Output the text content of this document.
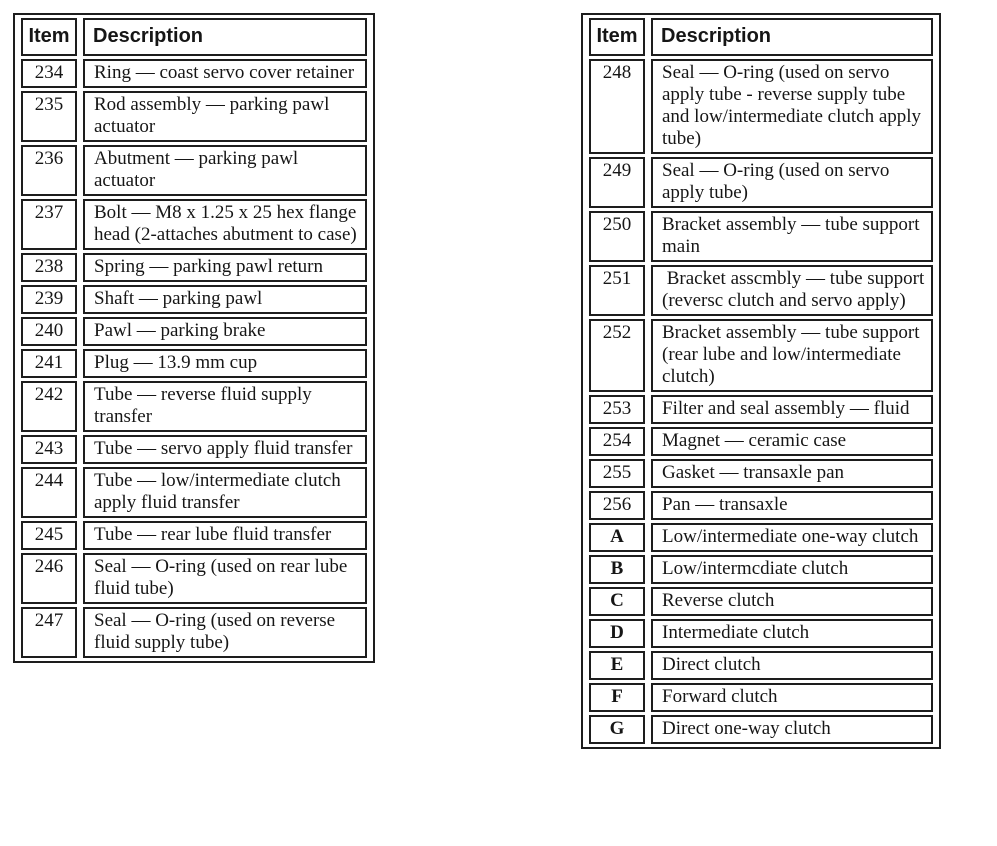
Item	Description
234	Ring — coast servo cover retainer
235	Rod assembly — parking pawl actuator
236	Abutment — parking pawl actuator
237	Bolt — M8 x 1.25 x 25 hex flange head (2-attaches abutment to case)
238	Spring — parking pawl return
239	Shaft — parking pawl
240	Pawl — parking brake
241	Plug — 13.9 mm cup
242	Tube — reverse fluid supply transfer
243	Tube — servo apply fluid transfer
244	Tube — low/intermediate clutch apply fluid transfer
245	Tube — rear lube fluid transfer
246	Seal — O-ring (used on rear lube fluid tube)
247	Seal — O-ring (used on reverse fluid supply tube)
Item	Description
248	Seal — O-ring (used on servo apply tube - reverse supply tube and low/intermediate clutch apply tube)
249	Seal — O-ring (used on servo apply tube)
250	Bracket assembly — tube support main
251	Bracket asscmbly — tube support (reversc clutch and servo apply)
252	Bracket assembly — tube support (rear lube and low/intermediate clutch)
253	Filter and seal assembly — fluid
254	Magnet — ceramic case
255	Gasket — transaxle pan
256	Pan — transaxle
A	Low/intermediate one-way clutch
B	Low/intermcdiate clutch
C	Reverse clutch
D	Intermediate clutch
E	Direct clutch
F	Forward clutch
G	Direct one-way clutch
